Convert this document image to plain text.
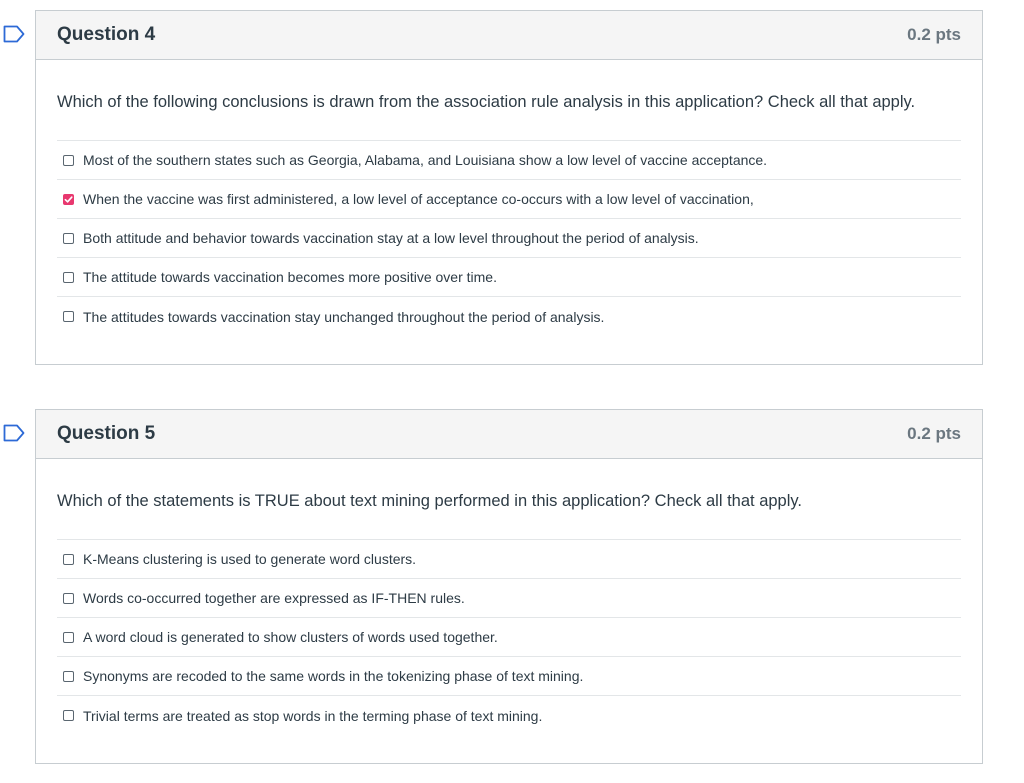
Question 4	0.2 pts
Which of the following conclusions is drawn from the association rule analysis in this application? Check all that apply.
Most of the southern states such as Georgia, Alabama, and Louisiana show a low level of vaccine acceptance.
When the vaccine was first administered, a low level of acceptance co-occurs with a low level of vaccination,
Both attitude and behavior towards vaccination stay at a low level throughout the period of analysis.
The attitude towards vaccination becomes more positive over time.
The attitudes towards vaccination stay unchanged throughout the period of analysis.
Question 5	0.2 pts
Which of the statements is TRUE about text mining performed in this application? Check all that apply.
K-Means clustering is used to generate word clusters.
Words co-occurred together are expressed as IF-THEN rules.
A word cloud is generated to show clusters of words used together.
Synonyms are recoded to the same words in the tokenizing phase of text mining.
Trivial terms are treated as stop words in the terming phase of text mining.
